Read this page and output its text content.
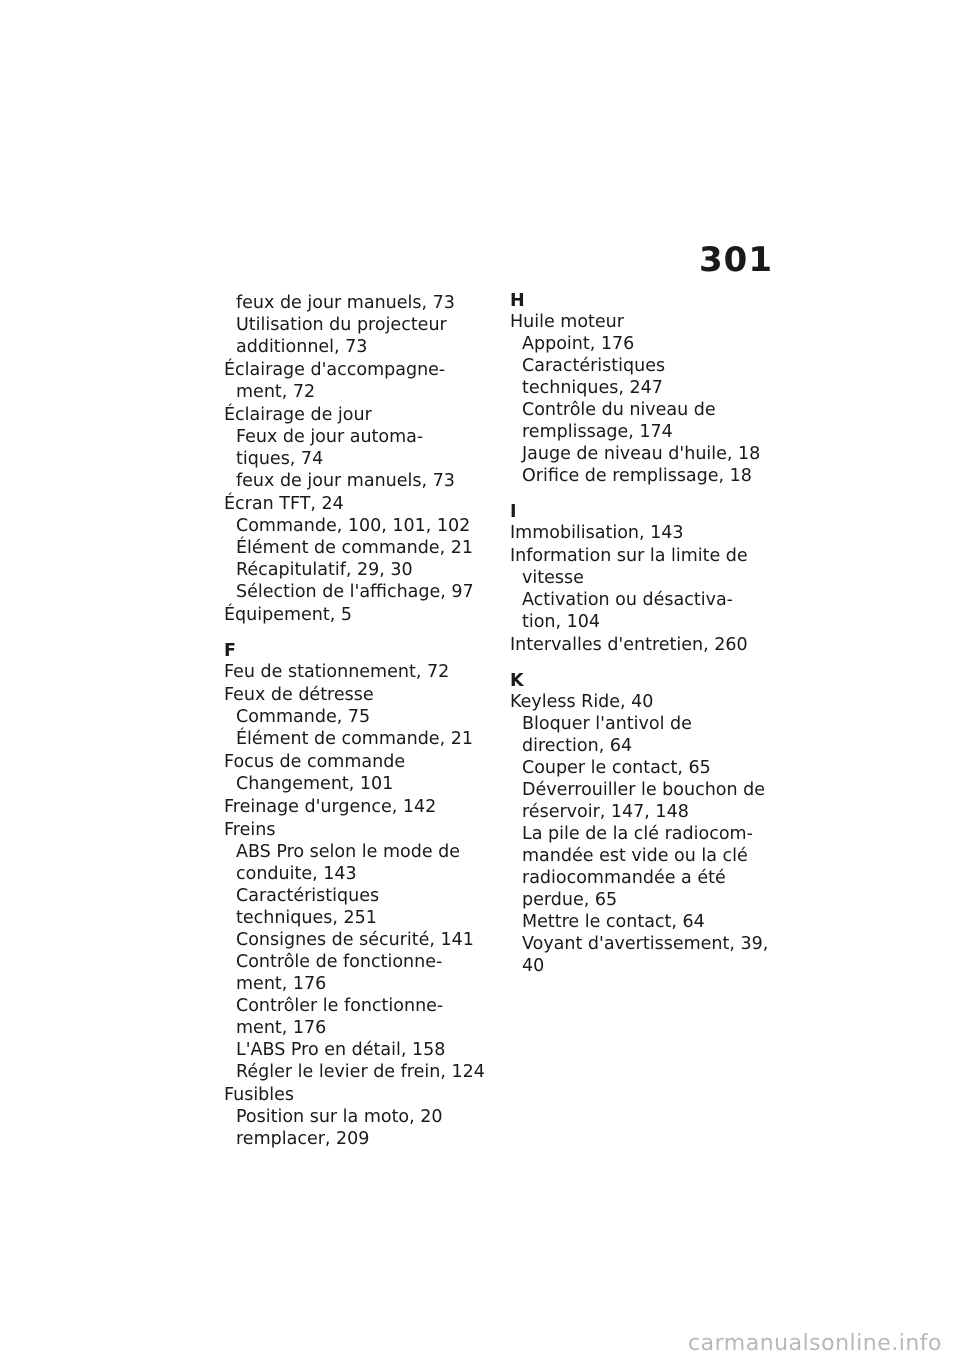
301
feux de jour manuels, 73
Utilisation du projecteur
additionnel, 73
Éclairage d'accompagne-
ment, 72
Éclairage de jour
Feux de jour automa-
tiques, 74
feux de jour manuels, 73
Écran TFT, 24
Commande, 100, 101, 102
Élément de commande, 21
Récapitulatif, 29, 30
Sélection de l'affichage, 97
Équipement, 5
F
Feu de stationnement, 72
Feux de détresse
Commande, 75
Élément de commande, 21
Focus de commande
Changement, 101
Freinage d'urgence, 142
Freins
ABS Pro selon le mode de
conduite, 143
Caractéristiques
techniques, 251
Consignes de sécurité, 141
Contrôle de fonctionne-
ment, 176
Contrôler le fonctionne-
ment, 176
L'ABS Pro en détail, 158
Régler le levier de frein, 124
Fusibles
Position sur la moto, 20
remplacer, 209
H
Huile moteur
Appoint, 176
Caractéristiques
techniques, 247
Contrôle du niveau de
remplissage, 174
Jauge de niveau d'huile, 18
Orifice de remplissage, 18
I
Immobilisation, 143
Information sur la limite de
vitesse
Activation ou désactiva-
tion, 104
Intervalles d'entretien, 260
K
Keyless Ride, 40
Bloquer l'antivol de
direction, 64
Couper le contact, 65
Déverrouiller le bouchon de
réservoir, 147, 148
La pile de la clé radiocom-
mandée est vide ou la clé
radiocommandée a été
perdue, 65
Mettre le contact, 64
Voyant d'avertissement, 39,
40
carmanualsonline.info
